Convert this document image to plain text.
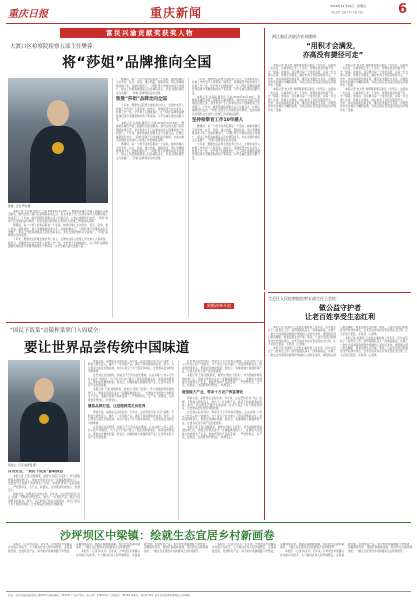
重庆日报	重庆新闻	2016年12月29日 星期四
主编 刘学 责编 王明 美编 李强	6
富民兴渝贡献奖获奖人物
大渡口区检察院检察五部主任樊蓉：
将“莎姐”品牌推向全国
樊蓉。记者 罗斌 摄

本报记者 龙丹梅 通讯员 王丽 2016年12月28日，樊蓉荣获重庆市第三届富民兴渝贡献奖。她所在的大渡口区检察院检察五部，是全市首个专门从事未成年人刑事检察工作的部门，十年来，她带领团队帮教失足少年数百名，让他们重新回归社会。“莎姐”是孩子们对她的亲切称呼，也成为重庆检察机关未成年人检察工作的响亮品牌。

樊蓉说，每一个孩子的背后都是一个家庭。她和同事们走访学校、社区、家庭，建立档案，跟踪回访，用心用情挽救迷途少年。在她的推动下，“莎姐”青少年维权岗在全市推广，相关工作经验被最高人民检察院肯定，并在全国检察机关交流推广，“莎姐”品牌逐步走向全国。

十年来，樊蓉先后获得全国优秀公诉人、全国未成年人检察工作先进个人等荣誉。她表示，将继续坚守在未成年人检察工作一线，守护孩子们健康成长，让“莎姐”品牌的温暖传递给更多需要帮助的孩子和家庭，为平安重庆建设贡献力量。

樊蓉说，每一个孩子的背后都是一个家庭。她和同事们走访学校、社区、家庭，建立档案，跟踪回访，用心用情挽救迷途少年。在她的推动下，“莎姐”青少年维权岗在全市推广，相关工作经验被最高人民检察院肯定，并在全国检察机关交流推广，“莎姐”品牌逐步走向全国。

致推“莎姐”品牌走向全国

十年来，樊蓉先后获得全国优秀公诉人、全国未成年人检察工作先进个人等荣誉。她表示，将继续坚守在未成年人检察工作一线，守护孩子们健康成长，让“莎姐”品牌的温暖传递给更多需要帮助的孩子和家庭，为平安重庆建设贡献力量。

本报记者 龙丹梅 通讯员 王丽 2016年12月28日，樊蓉荣获重庆市第三届富民兴渝贡献奖。她所在的大渡口区检察院检察五部，是全市首个专门从事未成年人刑事检察工作的部门，十年来，她带领团队帮教失足少年数百名，让他们重新回归社会。“莎姐”是孩子们对她的亲切称呼，也成为重庆检察机关未成年人检察工作的响亮品牌。

樊蓉说，每一个孩子的背后都是一个家庭。她和同事们走访学校、社区、家庭，建立档案，跟踪回访，用心用情挽救迷途少年。在她的推动下，“莎姐”青少年维权岗在全市推广，相关工作经验被最高人民检察院肯定，并在全国检察机关交流推广，“莎姐”品牌逐步走向全国。

十年来，樊蓉先后获得全国优秀公诉人、全国未成年人检察工作先进个人等荣誉。她表示，将继续坚守在未成年人检察工作一线，守护孩子们健康成长，让“莎姐”品牌的温暖传递给更多需要帮助的孩子和家庭，为平安重庆建设贡献力量。

本报记者 龙丹梅 通讯员 王丽 2016年12月28日，樊蓉荣获重庆市第三届富民兴渝贡献奖。她所在的大渡口区检察院检察五部，是全市首个专门从事未成年人刑事检察工作的部门，十年来，她带领团队帮教失足少年数百名，让他们重新回归社会。“莎姐”是孩子们对她的亲切称呼，也成为重庆检察机关未成年人检察工作的响亮品牌。

坚持检察官工作10年感人

樊蓉说，每一个孩子的背后都是一个家庭。她和同事们走访学校、社区、家庭，建立档案，跟踪回访，用心用情挽救迷途少年。在她的推动下，“莎姐”青少年维权岗在全市推广，相关工作经验被最高人民检察院肯定，并在全国检察机关交流推广，“莎姐”品牌逐步走向全国。

十年来，樊蓉先后获得全国优秀公诉人、全国未成年人检察工作先进个人等荣誉。她表示，将继续坚守在未成年人检察工作一线，守护孩子们健康成长，让“莎姐”品牌的温暖传递给更多需要帮助的孩子和家庭，为平安重庆建设贡献力量。

两江新区法院法官刘德明：
“用积才会满发，
亦高没有捷径可走”

本报记者 周文然 刘德明是两江新区（自贸区）法院的一名法官，从事审判工作二十余年，审理各类案件数千件，无一错案。他常说，法官要对每一个案件负责，对每一位当事人负责，积累才会满发，做好审判工作没有捷径可走。工作中，他认真钻研法律业务，撰写的多篇论文获奖，办理的案件多次被评为精品案例，为两江新区营造良好的法治环境作出了贡献。

本报记者 周文然 刘德明是两江新区（自贸区）法院的一名法官，从事审判工作二十余年，审理各类案件数千件，无一错案。他常说，法官要对每一个案件负责，对每一位当事人负责，积累才会满发，做好审判工作没有捷径可走。工作中，他认真钻研法律业务，撰写的多篇论文获奖，办理的案件多次被评为精品案例，为两江新区营造良好的法治环境作出了贡献。

本报记者 周文然 刘德明是两江新区（自贸区）法院的一名法官，从事审判工作二十余年，审理各类案件数千件，无一错案。他常说，法官要对每一个案件负责，对每一位当事人负责，积累才会满发，做好审判工作没有捷径可走。工作中，他认真钻研法律业务，撰写的多篇论文获奖，办理的案件多次被评为精品案例，为两江新区营造良好的法治环境作出了贡献。

本报记者 周文然 刘德明是两江新区（自贸区）法院的一名法官，从事审判工作二十余年，审理各类案件数千件，无一错案。他常说，法官要对每一个案件负责，对每一位当事人负责，积累才会满发，做好审判工作没有捷径可走。工作中，他认真钻研法律业务，撰写的多篇论文获奖，办理的案件多次被评为精品案例，为两江新区营造良好的法治环境作出了贡献。

致敬改革开放
“国民下饭菜”涪陵榨菜掌门人周斌全：
要让世界品尝传统中国味道
周斌全。记者 谢智强 摄
自食安全，“黄民下饭菜”影响深远

本报记者 王翔 涪陵榨菜，被誉为“国民下饭菜”。作为涪陵榨菜集团的掌门人，周斌全带领企业从一家濒临倒闭的小厂，发展成为全国最大的榨菜生产企业。他始终坚持产品质量第一，严把原料关、生产关、检测关，让消费者吃得放心、吃得安心。

周斌全说，品牌是企业的生命。多年来，企业坚持打造“乌江”品牌，不断加大研发投入，推出了一系列新产品，满足不同消费者的需求。如今，乌江榨菜已销往全国各地，并出口到五十多个国家和地区，让世界品尝到传统中国味道。

周斌全说，品牌是企业的生命。多年来，企业坚持打造“乌江”品牌，不断加大研发投入，推出了一系列新产品，满足不同消费者的需求。如今，乌江榨菜已销往全国各地，并出口到五十多个国家和地区，让世界品尝到传统中国味道。

在发展企业的同时，周斌全不忘带动农民增收。企业采取“公司+合作社+农户”的模式，与十余万户农户建立了稳定的购销关系，保底收购青菜头，帮助农民增收致富。他表示，将继续做大做强榨菜产业，让更多农民分享产业发展成果。

本报记者 王翔 涪陵榨菜，被誉为“国民下饭菜”。作为涪陵榨菜集团的掌门人，周斌全带领企业从一家濒临倒闭的小厂，发展成为全国最大的榨菜生产企业。他始终坚持产品质量第一，严把原料关、生产关、检测关，让消费者吃得放心、吃得安心。

聚焦品牌打造，让涪陵榨菜走向世界

周斌全说，品牌是企业的生命。多年来，企业坚持打造“乌江”品牌，不断加大研发投入，推出了一系列新产品，满足不同消费者的需求。如今，乌江榨菜已销往全国各地，并出口到五十多个国家和地区，让世界品尝到传统中国味道。

在发展企业的同时，周斌全不忘带动农民增收。企业采取“公司+合作社+农户”的模式，与十余万户农户建立了稳定的购销关系，保底收购青菜头，帮助农民增收致富。他表示，将继续做大做强榨菜产业，让更多农民分享产业发展成果。

在发展企业的同时，周斌全不忘带动农民增收。企业采取“公司+合作社+农户”的模式，与十余万户农户建立了稳定的购销关系，保底收购青菜头，帮助农民增收致富。他表示，将继续做大做强榨菜产业，让更多农民分享产业发展成果。

本报记者 王翔 涪陵榨菜，被誉为“国民下饭菜”。作为涪陵榨菜集团的掌门人，周斌全带领企业从一家濒临倒闭的小厂，发展成为全国最大的榨菜生产企业。他始终坚持产品质量第一，严把原料关、生产关、检测关，让消费者吃得放心、吃得安心。

做强做大产业，带动十万农户致富增收

周斌全说，品牌是企业的生命。多年来，企业坚持打造“乌江”品牌，不断加大研发投入，推出了一系列新产品，满足不同消费者的需求。如今，乌江榨菜已销往全国各地，并出口到五十多个国家和地区，让世界品尝到传统中国味道。

在发展企业的同时，周斌全不忘带动农民增收。企业采取“公司+合作社+农户”的模式，与十余万户农户建立了稳定的购销关系，保底收购青菜头，帮助农民增收致富。他表示，将继续做大做强榨菜产业，让更多农民分享产业发展成果。

本报记者 王翔 涪陵榨菜，被誉为“国民下饭菜”。作为涪陵榨菜集团的掌门人，周斌全带领企业从一家濒临倒闭的小厂，发展成为全国最大的榨菜生产企业。他始终坚持产品质量第一，严把原料关、生产关、检测关，让消费者吃得放心、吃得安心。

大足区人民检察院检察五部主任王会钦：
做公益守护者
让老百姓享受生态红利

本报记者 何春阳 王会钦从事检察工作多年，近年来专注于公益诉讼工作。他带领团队深入一线调查取证，办理了一批生态环境和资源保护领域的公益诉讼案件，督促相关部门依法履职，修复受损生态环境。他说，公益诉讼的目的就是守护好绿水青山，让老百姓实实在在享受到生态红利，让大足的天更蓝、水更清、山更绿。

本报记者 何春阳 王会钦从事检察工作多年，近年来专注于公益诉讼工作。他带领团队深入一线调查取证，办理了一批生态环境和资源保护领域的公益诉讼案件，督促相关部门依法履职，修复受损生态环境。他说，公益诉讼的目的就是守护好绿水青山，让老百姓实实在在享受到生态红利，让大足的天更蓝、水更清、山更绿。

本报记者 何春阳 王会钦从事检察工作多年，近年来专注于公益诉讼工作。他带领团队深入一线调查取证，办理了一批生态环境和资源保护领域的公益诉讼案件，督促相关部门依法履职，修复受损生态环境。他说，公益诉讼的目的就是守护好绿水青山，让老百姓实实在在享受到生态红利，让大足的天更蓝、水更清、山更绿。

沙坪坝区中梁镇：绘就生态宜居乡村新画卷

本报讯 （记者 杨永芹）近年来，沙坪坝区中梁镇以乡村振兴为抓手，大力推进农村人居环境整治，完善基础设施，发展特色产业。如今的中梁镇道路干净整洁，房屋错落有致，果园花海相映成趣，村民的生活越来越美好，一幅生态宜居的乡村新画卷正在徐徐展开。

本报讯 （记者 杨永芹）近年来，沙坪坝区中梁镇以乡村振兴为抓手，大力推进农村人居环境整治，完善基础设施，发展特色产业。如今的中梁镇道路干净整洁，房屋错落有致，果园花海相映成趣，村民的生活越来越美好，一幅生态宜居的乡村新画卷正在徐徐展开。

本报讯 （记者 杨永芹）近年来，沙坪坝区中梁镇以乡村振兴为抓手，大力推进农村人居环境整治，完善基础设施，发展特色产业。如今的中梁镇道路干净整洁，房屋错落有致，果园花海相映成趣，村民的生活越来越美好，一幅生态宜居的乡村新画卷正在徐徐展开。

本报讯 （记者 杨永芹）近年来，沙坪坝区中梁镇以乡村振兴为抓手，大力推进农村人居环境整治，完善基础设施，发展特色产业。如今的中梁镇道路干净整洁，房屋错落有致，果园花海相映成趣，村民的生活越来越美好，一幅生态宜居的乡村新画卷正在徐徐展开。

社址：重庆市渝北区同茂大道416号 邮政编码：401147 广告许可证：渝工商广字第001号 订阅电话：96169 零售价：每份1.50元 重庆日报印务有限责任公司印刷
